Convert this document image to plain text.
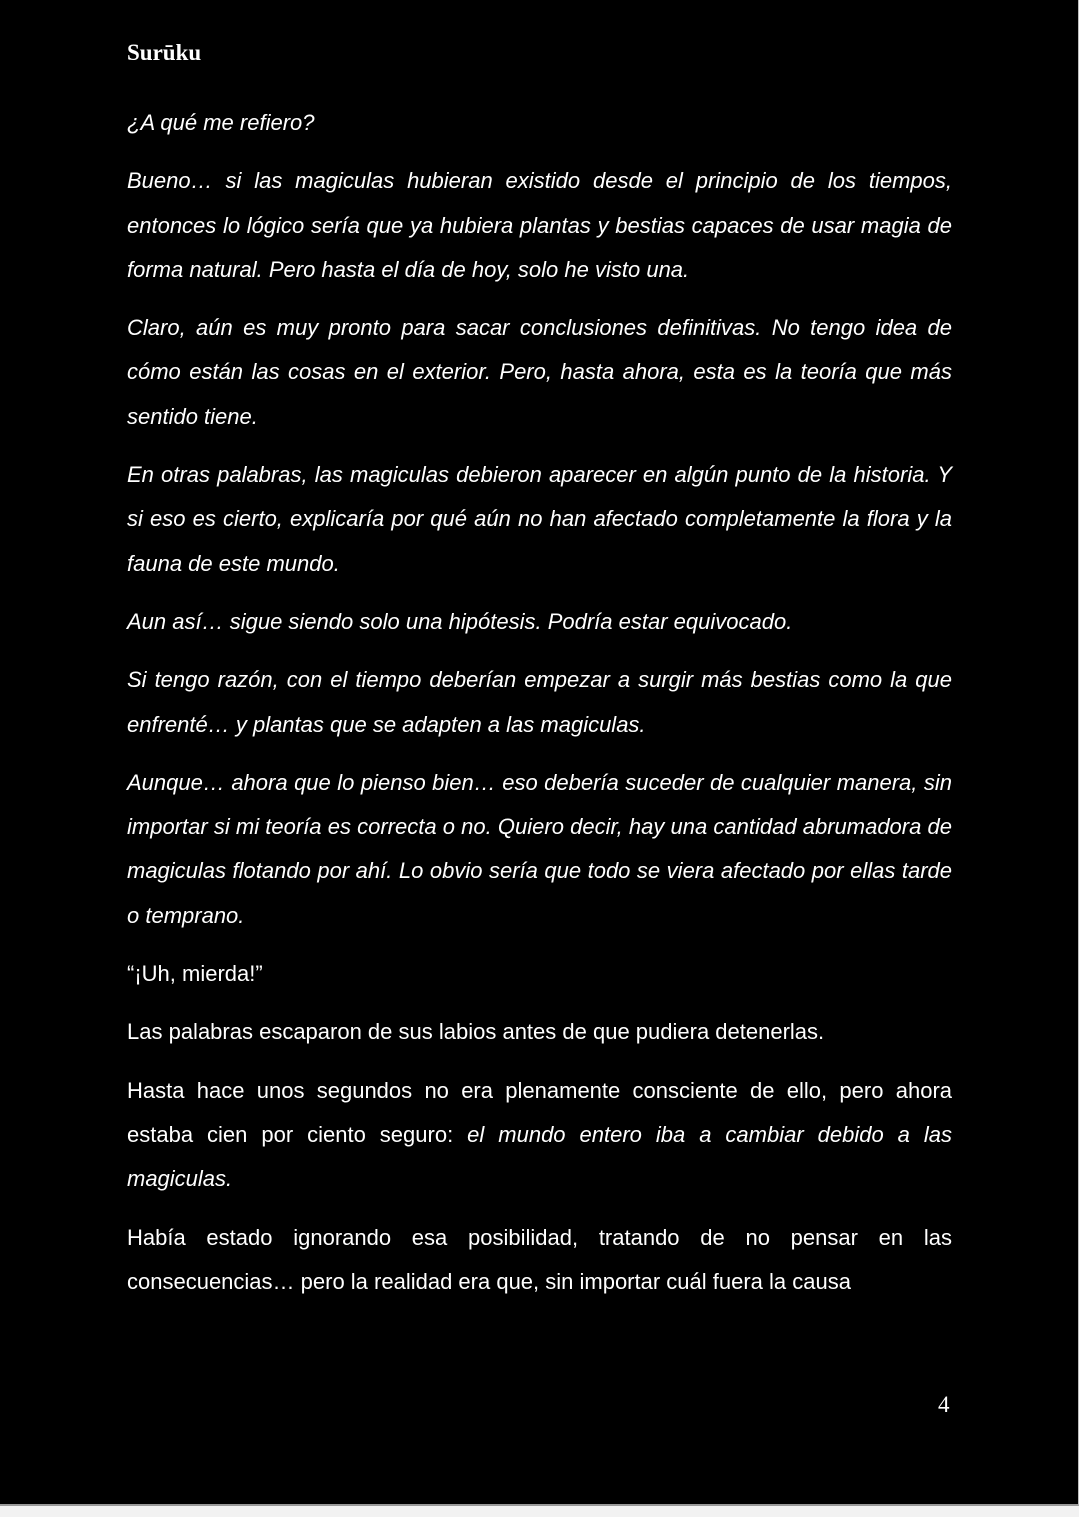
Surūku

¿A qué me refiero?

Bueno… si las magiculas hubieran existido desde el principio de los tiempos, entonces lo lógico sería que ya hubiera plantas y bestias capaces de usar magia de forma natural. Pero hasta el día de hoy, solo he visto una.

Claro, aún es muy pronto para sacar conclusiones definitivas. No tengo idea de cómo están las cosas en el exterior. Pero, hasta ahora, esta es la teoría que más sentido tiene.

En otras palabras, las magiculas debieron aparecer en algún punto de la historia. Y si eso es cierto, explicaría por qué aún no han afectado completamente la flora y la fauna de este mundo.

Aun así… sigue siendo solo una hipótesis. Podría estar equivocado.

Si tengo razón, con el tiempo deberían empezar a surgir más bestias como la que enfrenté… y plantas que se adapten a las magiculas.

Aunque… ahora que lo pienso bien… eso debería suceder de cualquier manera, sin importar si mi teoría es correcta o no. Quiero decir, hay una cantidad abrumadora de magiculas flotando por ahí. Lo obvio sería que todo se viera afectado por ellas tarde o temprano.

“¡Uh, mierda!”

Las palabras escaparon de sus labios antes de que pudiera detenerlas.

Hasta hace unos segundos no era plenamente consciente de ello, pero ahora estaba cien por ciento seguro: el mundo entero iba a cambiar debido a las magiculas.

Había estado ignorando esa posibilidad, tratando de no pensar en las consecuencias… pero la realidad era que, sin importar cuál fuera la causa

4
